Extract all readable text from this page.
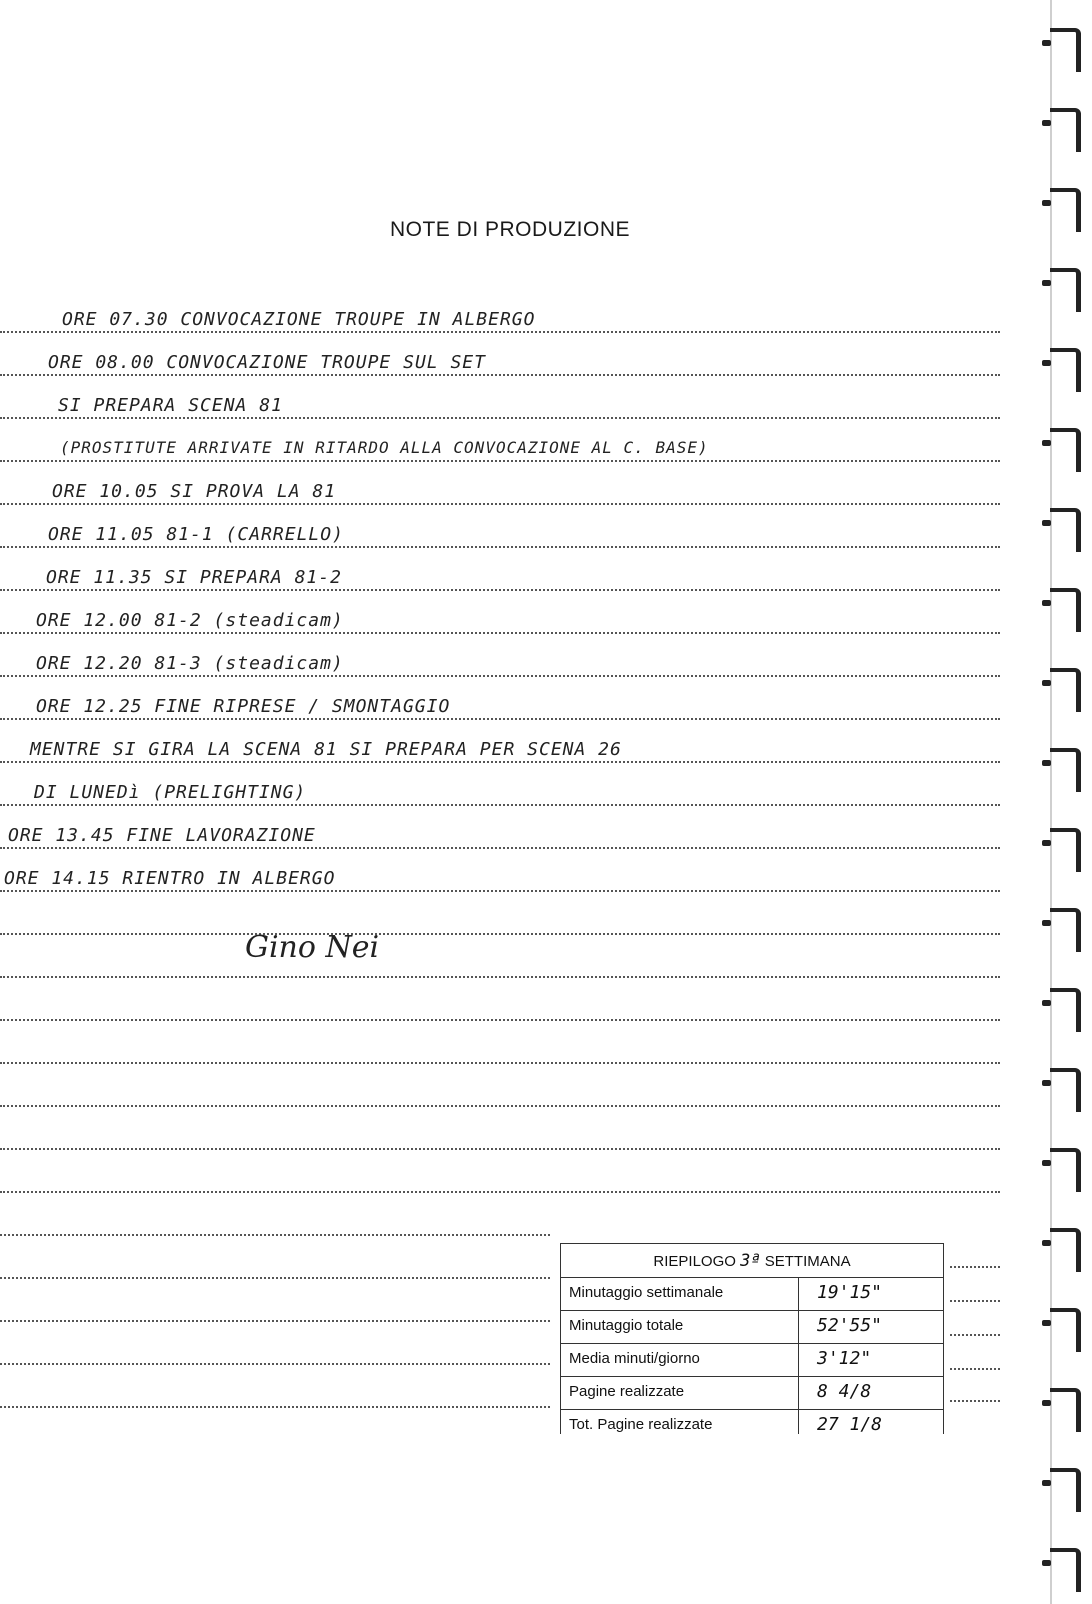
NOTE DI PRODUZIONE
ORE 07.30 CONVOCAZIONE TROUPE IN ALBERGO
ORE 08.00 CONVOCAZIONE TROUPE SUL SET
SI PREPARA SCENA 81
(PROSTITUTE ARRIVATE IN RITARDO ALLA CONVOCAZIONE AL C. BASE)
ORE 10.05 SI PROVA LA 81
ORE 11.05 81-1 (CARRELLO)
ORE 11.35 SI PREPARA 81-2
ORE 12.00 81-2 (steadicam)
ORE 12.20 81-3 (steadicam)
ORE 12.25 FINE RIPRESE / SMONTAGGIO
MENTRE SI GIRA LA SCENA 81 SI PREPARA PER SCENA 26
DI LUNEDì (PRELIGHTING)
ORE 13.45 FINE LAVORAZIONE
ORE 14.15 RIENTRO IN ALBERGO
Gino Nei
RIEPILOGO 3ª SETTIMANA
Minutaggio settimanale	19'15"
Minutaggio totale	52'55"
Media minuti/giorno	3'12"
Pagine realizzate	8 4/8
Tot. Pagine realizzate	27 1/8
